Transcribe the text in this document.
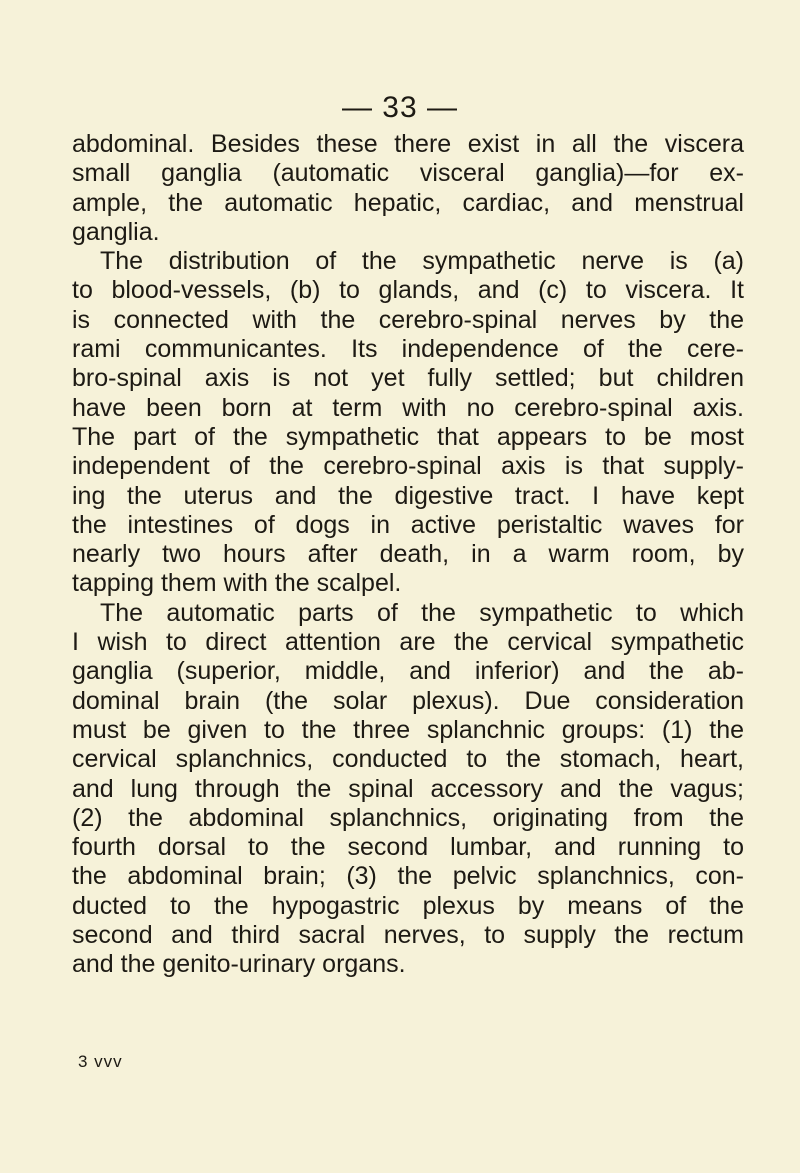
— 33 —
abdominal. Besides these there exist in all the viscera
small ganglia (automatic visceral ganglia)—for ex-
ample, the automatic hepatic, cardiac, and menstrual
ganglia.
The distribution of the sympathetic nerve is (a)
to blood-vessels, (b) to glands, and (c) to viscera. It
is connected with the cerebro-spinal nerves by the
rami communicantes. Its independence of the cere-
bro-spinal axis is not yet fully settled; but children
have been born at term with no cerebro-spinal axis.
The part of the sympathetic that appears to be most
independent of the cerebro-spinal axis is that supply-
ing the uterus and the digestive tract. I have kept
the intestines of dogs in active peristaltic waves for
nearly two hours after death, in a warm room, by
tapping them with the scalpel.
The automatic parts of the sympathetic to which
I wish to direct attention are the cervical sympathetic
ganglia (superior, middle, and inferior) and the ab-
dominal brain (the solar plexus). Due consideration
must be given to the three splanchnic groups: (1) the
cervical splanchnics, conducted to the stomach, heart,
and lung through the spinal accessory and the vagus;
(2) the abdominal splanchnics, originating from the
fourth dorsal to the second lumbar, and running to
the abdominal brain; (3) the pelvic splanchnics, con-
ducted to the hypogastric plexus by means of the
second and third sacral nerves, to supply the rectum
and the genito-urinary organs.
3 vvv
